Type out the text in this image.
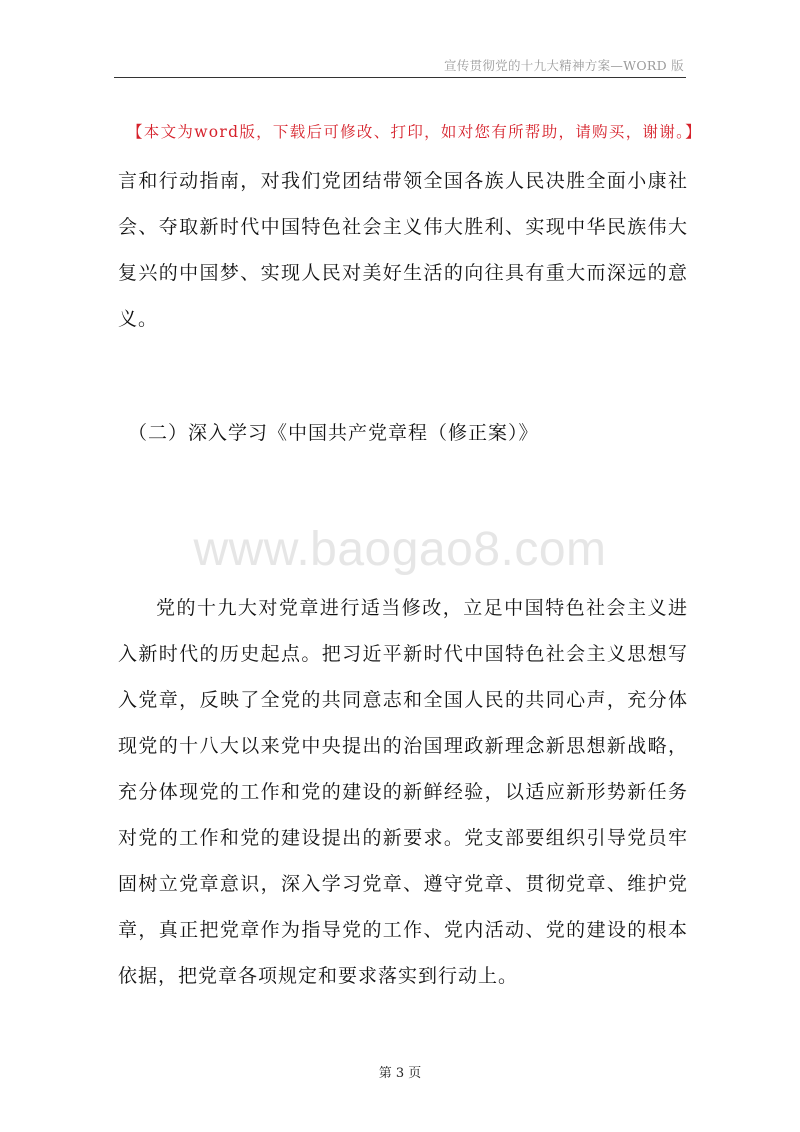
宣传贯彻党的十九大精神方案—WORD 版
【本文为word版，下载后可修改、打印，如对您有所帮助，请购买，谢谢。】

言和行动指南，对我们党团结带领全国各族人民决胜全面小康社会、夺取新时代中国特色社会主义伟大胜利、实现中华民族伟大复兴的中国梦、实现人民对美好生活的向往具有重大而深远的意义。

（二）深入学习《中国共产党章程（修正案）》
www.baogao8.com

党的十九大对党章进行适当修改，立足中国特色社会主义进入新时代的历史起点。把习近平新时代中国特色社会主义思想写入党章，反映了全党的共同意志和全国人民的共同心声，充分体现党的十八大以来党中央提出的治国理政新理念新思想新战略，充分体现党的工作和党的建设的新鲜经验，以适应新形势新任务对党的工作和党的建设提出的新要求。党支部要组织引导党员牢固树立党章意识，深入学习党章、遵守党章、贯彻党章、维护党章，真正把党章作为指导党的工作、党内活动、党的建设的根本依据，把党章各项规定和要求落实到行动上。

第 3 页
